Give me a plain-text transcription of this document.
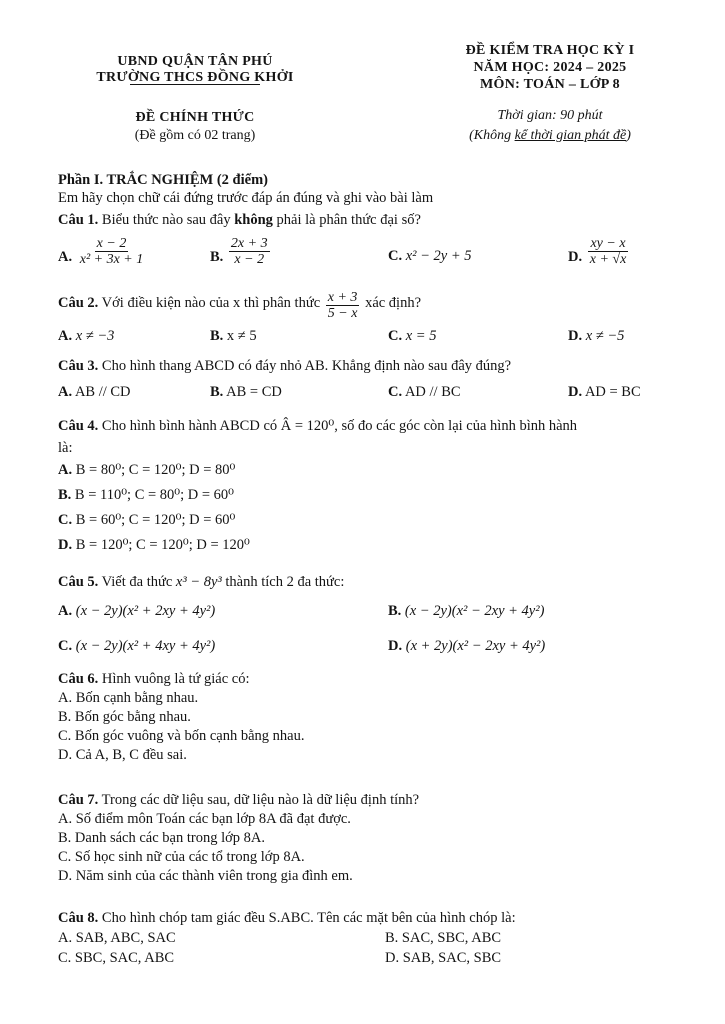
UBND QUẬN TÂN PHÚ
TRƯỜNG THCS ĐỒNG KHỞI
ĐỀ CHÍNH THỨC
(Đề gồm có 02 trang)
ĐỀ KIỂM TRA HỌC KỲ I
NĂM HỌC: 2024 – 2025
MÔN: TOÁN – LỚP 8
Thời gian: 90 phút
(Không kể thời gian phát đề)
Phần I. TRẮC NGHIỆM (2 điểm)
Em hãy chọn chữ cái đứng trước đáp án đúng và ghi vào bài làm
Câu 1. Biểu thức nào sau đây không phải là phân thức đại số?
A. $\frac{x - 2}{\text{x² + 3x + 1}}$	B. $\frac{2x + 3}{x - 2}$	C. x² − 2y + 5	D. $\frac{xy - x}{x + √x}$
Câu 2. Với điều kiện nào của x thì phân thức $\frac{x + 3}{5 - x}$ xác định?
A. x ≠ −3	B. x ≠ 5	C. x = 5	D. x ≠ −5
Câu 3. Cho hình thang ABCD có đáy nhỏ AB. Khẳng định nào sau đây đúng?
A. AB // CD	B. AB = CD	C. AD // BC	D. AD = BC
Câu 4. Cho hình bình hành ABCD có Â = 120⁰, số đo các góc còn lại của hình bình hành
là:
A. B = 80⁰; C = 120⁰; D = 80⁰
B. B = 110⁰; C = 80⁰; D = 60⁰
C. B = 60⁰; C = 120⁰; D = 60⁰
D. B = 120⁰; C = 120⁰; D = 120⁰
Câu 5. Viết đa thức x³ − 8y³ thành tích 2 đa thức:
A. (x − 2y)(x² + 2xy + 4y²)	B. (x − 2y)(x² − 2xy + 4y²)
C. (x − 2y)(x² + 4xy + 4y²)	D. (x + 2y)(x² − 2xy + 4y²)
Câu 6. Hình vuông là tứ giác có:
A. Bốn cạnh bằng nhau.
B. Bốn góc bằng nhau.
C. Bốn góc vuông và bốn cạnh bằng nhau.
D. Cả A, B, C đều sai.
Câu 7. Trong các dữ liệu sau, dữ liệu nào là dữ liệu định tính?
A. Số điểm môn Toán các bạn lớp 8A đã đạt được.
B. Danh sách các bạn trong lớp 8A.
C. Số học sinh nữ của các tổ trong lớp 8A.
D. Năm sinh của các thành viên trong gia đình em.
Câu 8. Cho hình chóp tam giác đều S.ABC. Tên các mặt bên của hình chóp là:
A. SAB, ABC, SAC	B. SAC, SBC, ABC
C. SBC, SAC, ABC	D. SAB, SAC, SBC
